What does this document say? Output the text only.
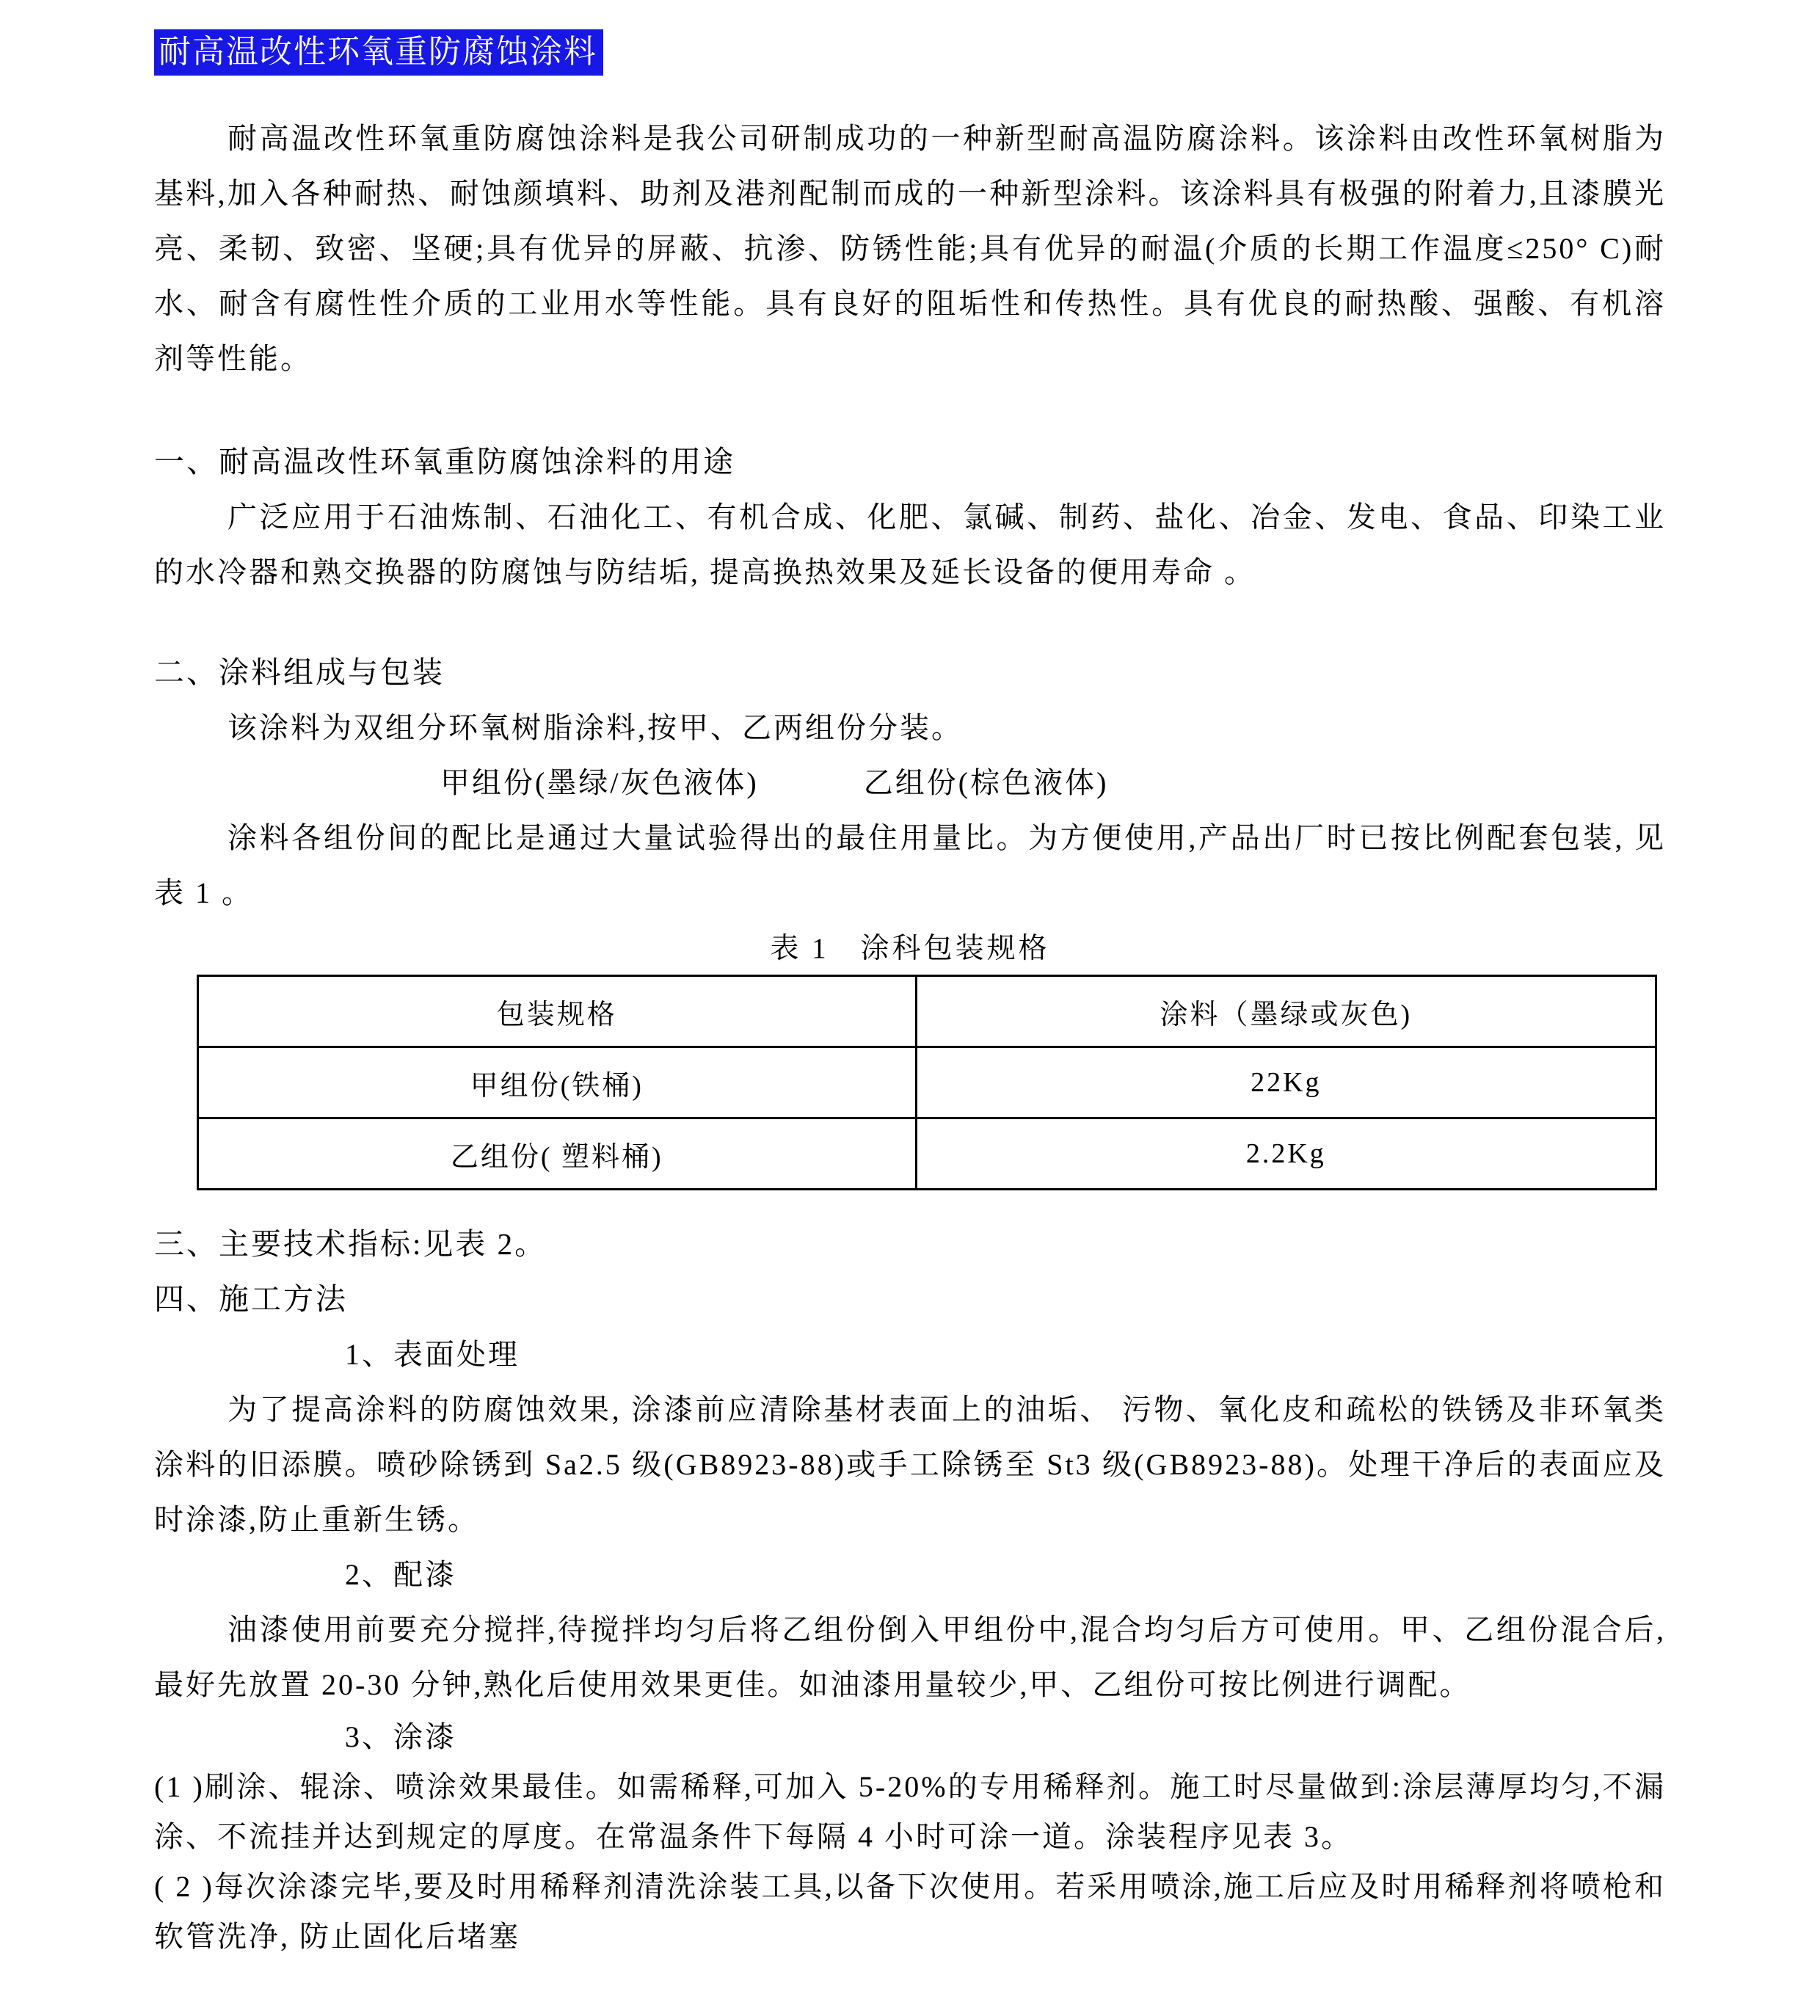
耐高温改性环氧重防腐蚀涂料

耐高温改性环氧重防腐蚀涂料是我公司研制成功的一种新型耐高温防腐涂料。该涂料由改性环氧树脂为基料,加入各种耐热、耐蚀颜填料、助剂及港剂配制而成的一种新型涂料。该涂料具有极强的附着力,且漆膜光亮、柔韧、致密、坚硬;具有优异的屏蔽、抗渗、防锈性能;具有优异的耐温(介质的长期工作温度≤250° C)耐水、耐含有腐性性介质的工业用水等性能。具有良好的阻垢性和传热性。具有优良的耐热酸、强酸、有机溶剂等性能。

一、耐高温改性环氧重防腐蚀涂料的用途

广泛应用于石油炼制、石油化工、有机合成、化肥、氯碱、制药、盐化、冶金、发电、食品、印染工业的水冷器和熟交换器的防腐蚀与防结垢, 提高换热效果及延长设备的便用寿命 。

二、涂料组成与包装

该涂料为双组分环氧树脂涂料,按甲、乙两组份分装。

甲组份(墨绿/灰色液体)	乙组份(棕色液体)

涂料各组份间的配比是通过大量试验得出的最住用量比。为方便使用,产品出厂时已按比例配套包装, 见表 1 。

表 1　涂科包装规格

包装规格	涂料（墨绿或灰色)
甲组份(铁桶)	22Kg
乙组份( 塑料桶)	2.2Kg
三、主要技术指标:见表 2。
四、施工方法

1、表面处理

为了提高涂料的防腐蚀效果, 涂漆前应清除基材表面上的油垢、 污物、氧化皮和疏松的铁锈及非环氧类涂料的旧添膜。喷砂除锈到 Sa2.5 级(GB8923-88)或手工除锈至 St3 级(GB8923-88)。处理干净后的表面应及时涂漆,防止重新生锈。

2、配漆

油漆使用前要充分搅拌,待搅拌均匀后将乙组份倒入甲组份中,混合均匀后方可使用。甲、乙组份混合后,最好先放置 20-30 分钟,熟化后使用效果更佳。如油漆用量较少,甲、乙组份可按比例进行调配。

3、涂漆

(1 )刷涂、辊涂、喷涂效果最佳。如需稀释,可加入 5-20%的专用稀释剂。施工时尽量做到:涂层薄厚均匀,不漏涂、不流挂并达到规定的厚度。在常温条件下每隔 4 小时可涂一道。涂装程序见表 3。

( 2 )每次涂漆完毕,要及时用稀释剂清洗涂装工具,以备下次使用。若采用喷涂,施工后应及时用稀释剂将喷枪和软管洗净, 防止固化后堵塞
